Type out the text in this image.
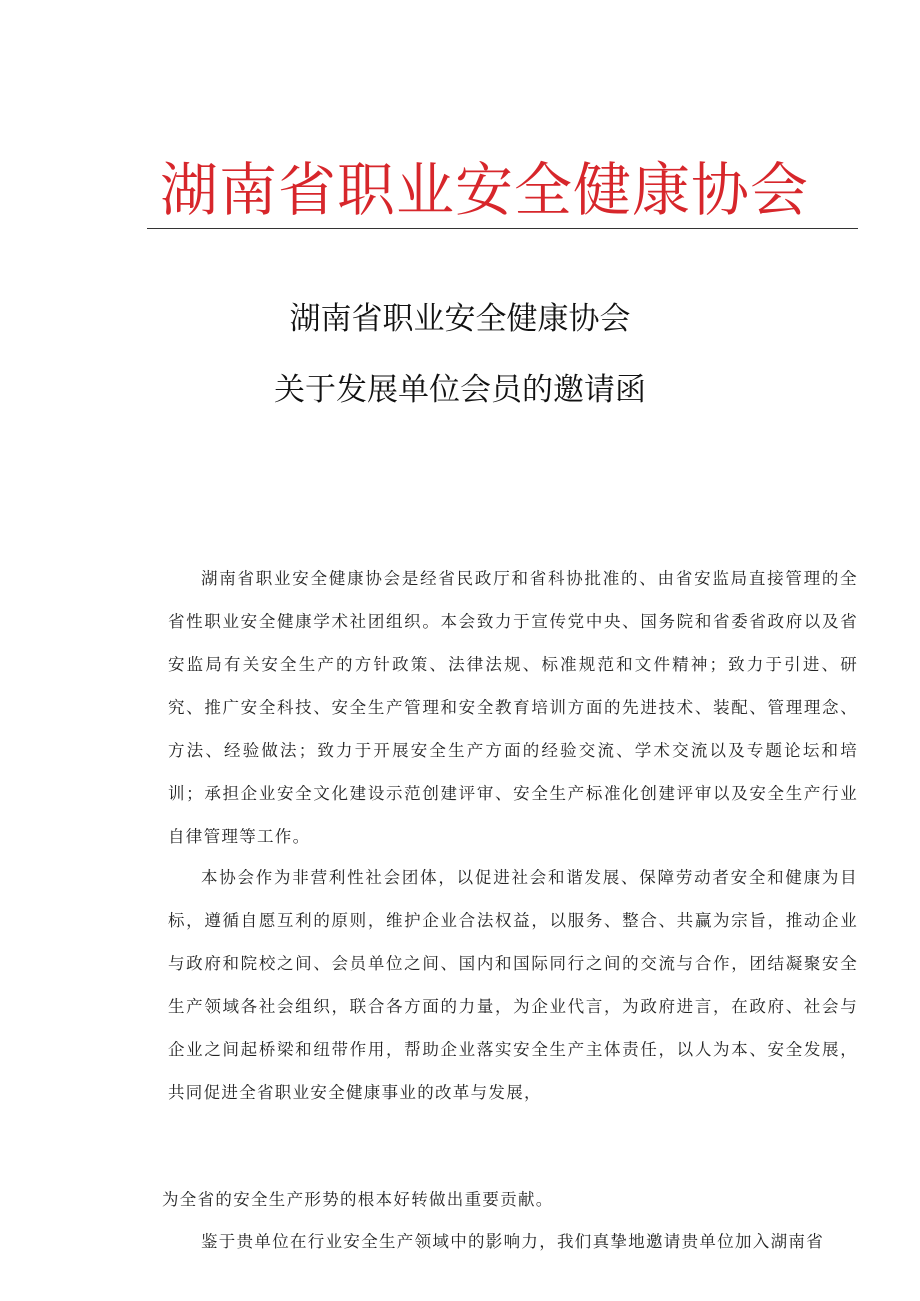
湖南省职业安全健康协会
湖南省职业安全健康协会
关于发展单位会员的邀请函

湖南省职业安全健康协会是经省民政厅和省科协批准的、由省安监局直接管理的全省性职业安全健康学术社团组织。本会致力于宣传党中央、国务院和省委省政府以及省安监局有关安全生产的方针政策、法律法规、标准规范和文件精神；致力于引进、研究、推广安全科技、安全生产管理和安全教育培训方面的先进技术、装配、管理理念、方法、经验做法；致力于开展安全生产方面的经验交流、学术交流以及专题论坛和培训；承担企业安全文化建设示范创建评审、安全生产标准化创建评审以及安全生产行业自律管理等工作。

本协会作为非营利性社会团体，以促进社会和谐发展、保障劳动者安全和健康为目标，遵循自愿互利的原则，维护企业合法权益，以服务、整合、共赢为宗旨，推动企业与政府和院校之间、会员单位之间、国内和国际同行之间的交流与合作，团结凝聚安全生产领域各社会组织，联合各方面的力量，为企业代言，为政府进言，在政府、社会与企业之间起桥梁和纽带作用，帮助企业落实安全生产主体责任，以人为本、安全发展，共同促进全省职业安全健康事业的改革与发展，

为全省的安全生产形势的根本好转做出重要贡献。
鉴于贵单位在行业安全生产领域中的影响力，我们真挚地邀请贵单位加入湖南省
